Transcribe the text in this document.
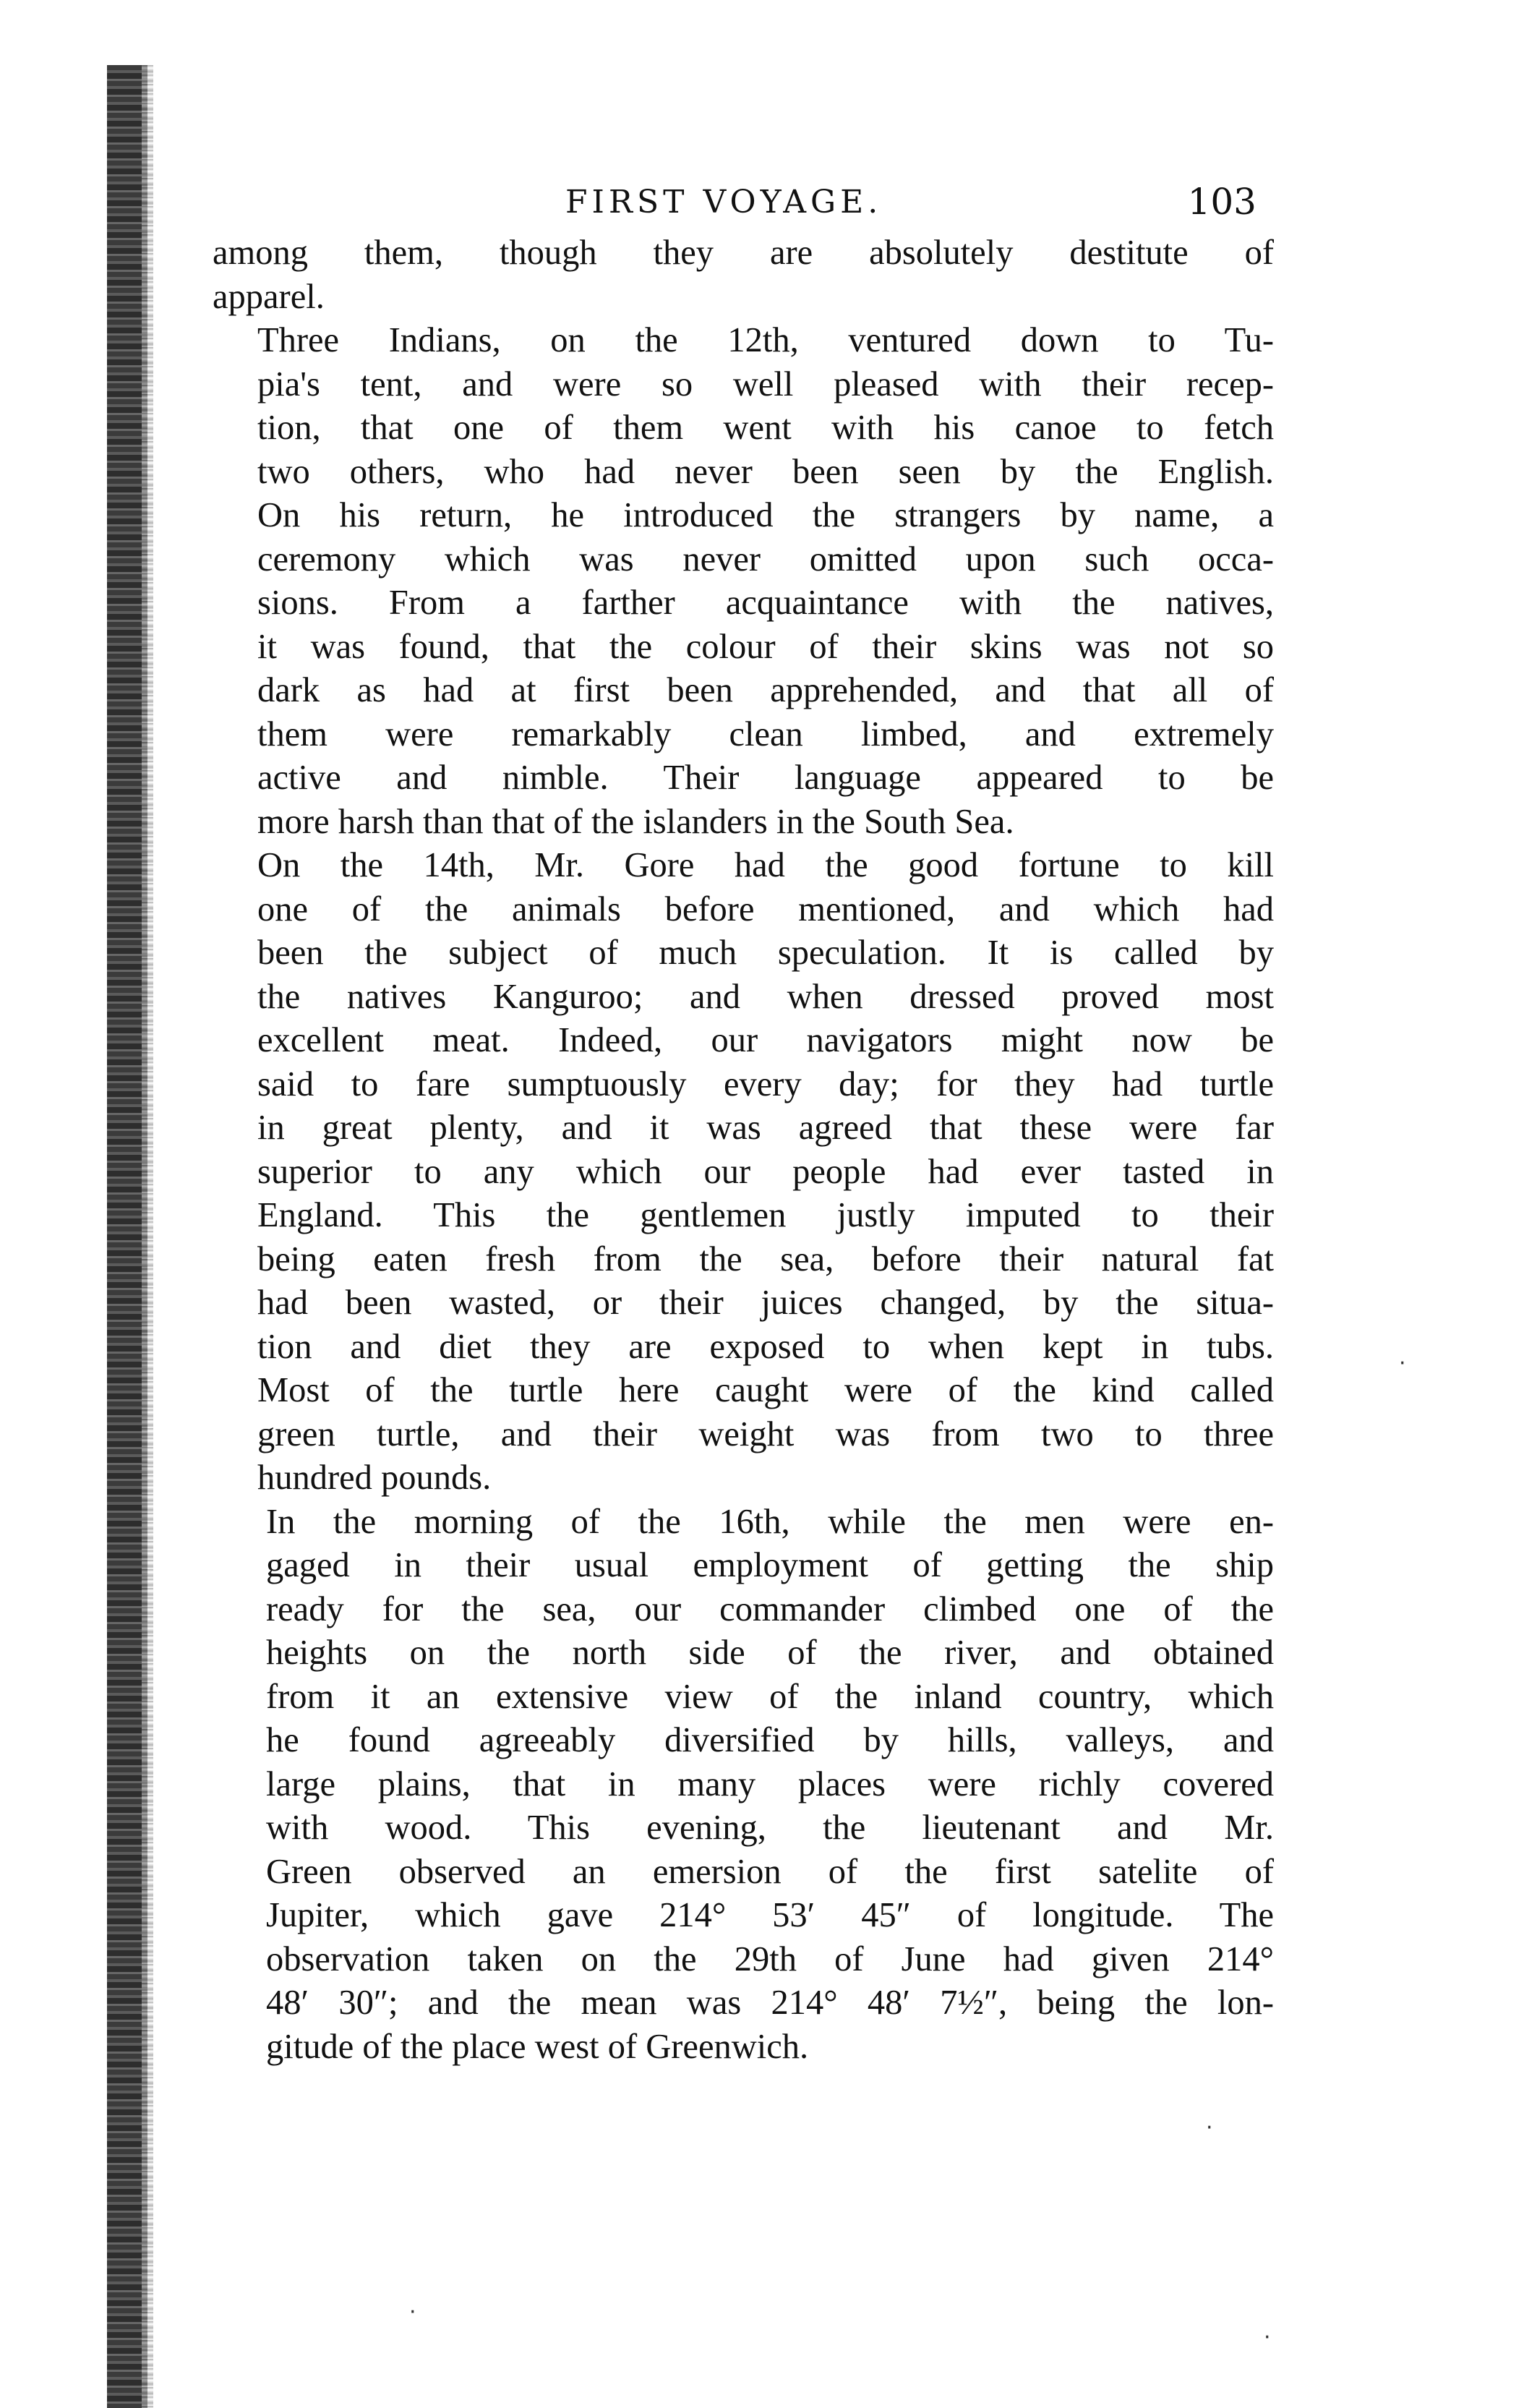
FIRST VOYAGE.	103

among them, though they are absolutely destitute of
apparel.

Three Indians, on the 12th, ventured down to Tu-
pia's tent, and were so well pleased with their recep-
tion, that one of them went with his canoe to fetch
two others, who had never been seen by the English.
On his return, he introduced the strangers by name, a
ceremony which was never omitted upon such occa-
sions. From a farther acquaintance with the natives,
it was found, that the colour of their skins was not so
dark as had at first been apprehended, and that all of
them were remarkably clean limbed, and extremely
active and nimble. Their language appeared to be
more harsh than that of the islanders in the South Sea.

On the 14th, Mr. Gore had the good fortune to kill
one of the animals before mentioned, and which had
been the subject of much speculation. It is called by
the natives Kanguroo; and when dressed proved most
excellent meat. Indeed, our navigators might now be
said to fare sumptuously every day; for they had turtle
in great plenty, and it was agreed that these were far
superior to any which our people had ever tasted in
England. This the gentlemen justly imputed to their
being eaten fresh from the sea, before their natural fat
had been wasted, or their juices changed, by the situa-
tion and diet they are exposed to when kept in tubs.
Most of the turtle here caught were of the kind called
green turtle, and their weight was from two to three
hundred pounds.

In the morning of the 16th, while the men were en-
gaged in their usual employment of getting the ship
ready for the sea, our commander climbed one of the
heights on the north side of the river, and obtained
from it an extensive view of the inland country, which
he found agreeably diversified by hills, valleys, and
large plains, that in many places were richly covered
with wood. This evening, the lieutenant and Mr.
Green observed an emersion of the first satelite of
Jupiter, which gave 214° 53′ 45″ of longitude. The
observation taken on the 29th of June had given 214°
48′ 30″; and the mean was 214° 48′ 7½″, being the lon-
gitude of the place west of Greenwich.

·
·
·
·
